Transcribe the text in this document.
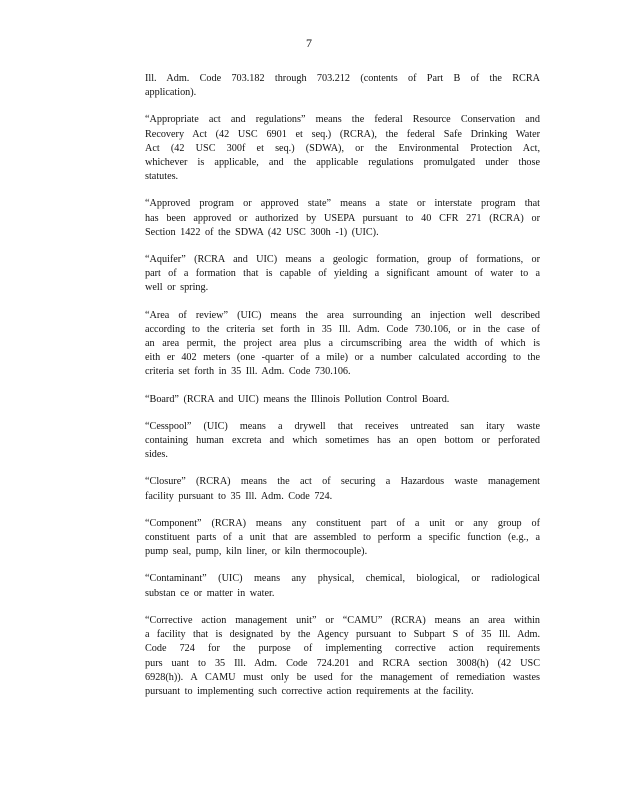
7

Ill. Adm. Code 703.182 through 703.212 (contents of Part B of the RCRA
application).

“Appropriate act and regulations” means the federal Resource Conservation and
Recovery Act (42 USC 6901 et seq.) (RCRA), the federal Safe Drinking Water
Act (42 USC 300f et seq.) (SDWA), or the Environmental Protection Act,
whichever is applicable, and the applicable regulations promulgated under those
statutes.

“Approved program or approved state” means a state or interstate program that
has been approved or authorized by USEPA pursuant to 40 CFR 271 (RCRA) or
Section 1422 of the SDWA (42 USC 300h -1) (UIC).

“Aquifer” (RCRA and UIC) means a geologic formation, group of formations, or
part of a formation that is capable of yielding a significant amount of water to a
well or spring.

“Area of review” (UIC) means the area surrounding an injection well described
according to the criteria set forth in 35 Ill. Adm. Code 730.106, or in the case of
an area permit, the project area plus a circumscribing area the width of which is
eith er 402 meters (one -quarter of a mile) or a number calculated according to the
criteria set forth in 35 Ill. Adm. Code 730.106.

“Board” (RCRA and UIC) means the Illinois Pollution Control Board.

“Cesspool” (UIC) means a drywell that receives untreated san itary waste
containing human excreta and which sometimes has an open bottom or perforated
sides.

“Closure” (RCRA) means the act of securing a Hazardous waste management
facility pursuant to 35 Ill. Adm. Code 724.

“Component” (RCRA) means any constituent part of a unit or any group of
constituent parts of a unit that are assembled to perform a specific function (e.g., a
pump seal, pump, kiln liner, or kiln thermocouple).

“Contaminant” (UIC) means any physical, chemical, biological, or radiological
substan ce or matter in water.

“Corrective action management unit” or “CAMU” (RCRA) means an area within
a facility that is designated by the Agency pursuant to Subpart S of 35 Ill. Adm.
Code 724 for the purpose of implementing corrective action requirements
purs uant to 35 Ill. Adm. Code 724.201 and RCRA section 3008(h) (42 USC
6928(h)). A CAMU must only be used for the management of remediation wastes
pursuant to implementing such corrective action requirements at the facility.
